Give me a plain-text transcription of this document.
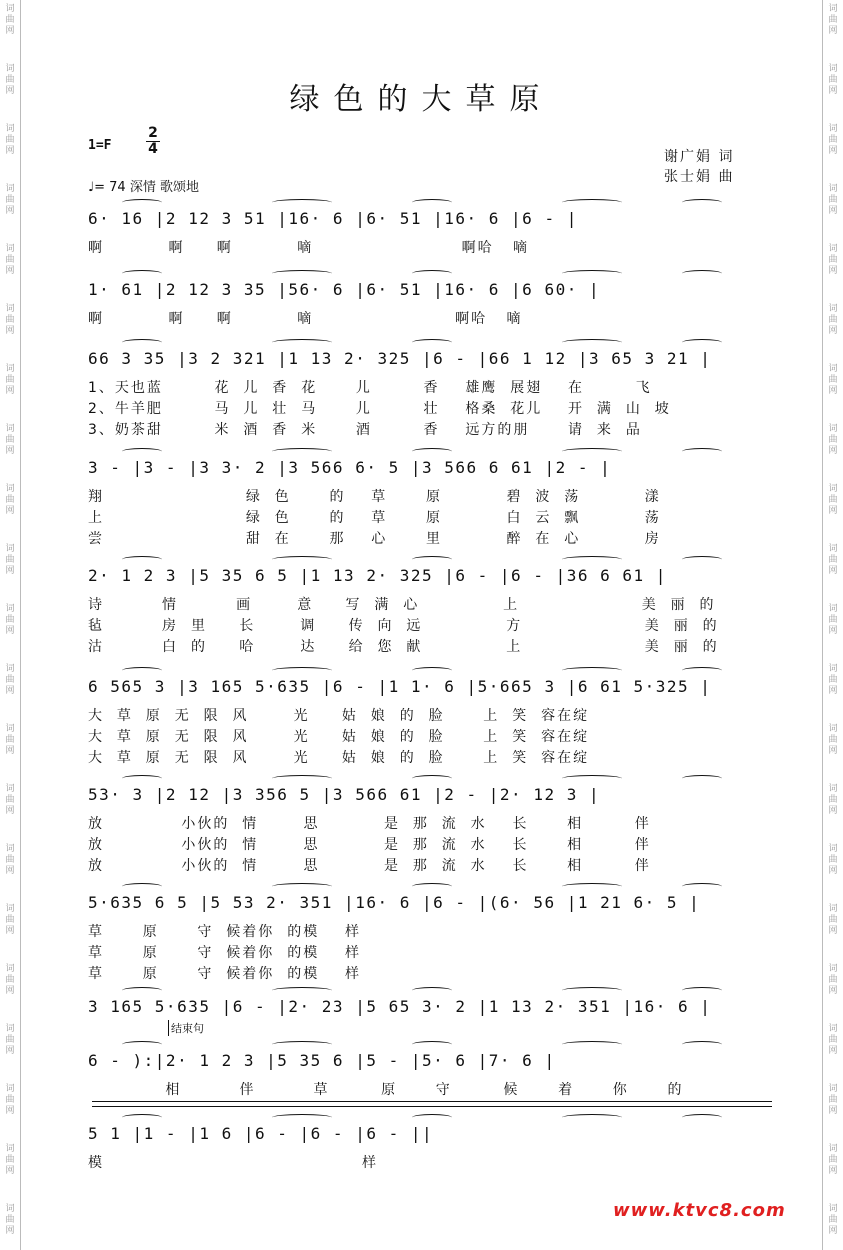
词
曲
网
词
曲
网
词
曲
网
词
曲
网
词
曲
网
词
曲
网
词
曲
网
词
曲
网
词
曲
网
词
曲
网
词
曲
网
词
曲
网
词
曲
网
词
曲
网
词
曲
网
词
曲
网
词
曲
网
词
曲
网
词
曲
网
词
曲
网
词
曲
网
词
曲
网
词
曲
网
词
曲
网
词
曲
网
词
曲
网
词
曲
网
词
曲
网
词
曲
网
词
曲
网
词
曲
网
词
曲
网
词
曲
网
词
曲
网
词
曲
网
词
曲
网
词
曲
网
词
曲
网
词
曲
网
词
曲
网
词
曲
网
词
曲
网
绿色的大草原
1=F
2
4
♩= 74 深情 歌颂地
谢广娟 词
张士娟 曲
6· 16 |2 12 3 51 |16· 6 |6· 51 |16· 6 |6 - |
啊          啊     啊          嘀                       啊哈   嘀
1· 61 |2 12 3 35 |56· 6 |6· 51 |16· 6 |6 60· |
啊          啊     啊          嘀                      啊哈   嘀
66 3 35 |3 2 321 |1 13 2· 325 |6 - |66 1 12 |3 65 3 21 |
1、天也蓝        花  儿  香  花      儿        香    雄鹰  展翅    在        飞
2、牛羊肥        马  儿  壮  马      儿        壮    格桑  花儿    开  满  山  坡
3、奶茶甜        米  酒  香  米      酒        香    远方的朋      请  来  品
3 - |3 - |3 3· 2 |3 566 6· 5 |3 566 6 61 |2 - |
翔                      绿  色      的    草      原          碧  波  荡          漾
上                      绿  色      的    草      原          白  云  飘          荡
尝                      甜  在      那    心      里          醉  在  心          房
2· 1 2 3 |5 35 6 5 |1 13 2· 325 |6 - |6 - |36 6 61 |
诗         情         画       意     写  满  心             上                   美  丽  的
毡         房  里     长       调     传  向  远             方                   美  丽  的
沽         白  的     哈       达     给  您  献             上                   美  丽  的
6 565 3 |3 165 5·635 |6 - |1 1· 6 |5·665 3 |6 61 5·325 |
大  草  原  无  限  风       光     姑  娘  的  脸      上  笑  容在绽
大  草  原  无  限  风       光     姑  娘  的  脸      上  笑  容在绽
大  草  原  无  限  风       光     姑  娘  的  脸      上  笑  容在绽
53· 3 |2 12 |3 356 5 |3 566 61 |2 - |2· 12 3 |
放            小伙的  情       思          是  那  流  水    长      相        伴
放            小伙的  情       思          是  那  流  水    长      相        伴
放            小伙的  情       思          是  那  流  水    长      相        伴
5·635 6 5 |5 53 2· 351 |16· 6 |6 - |(6· 56 |1 21 6· 5 |
草      原      守  候着你  的模    样
草      原      守  候着你  的模    样
草      原      守  候着你  的模    样
3 165 5·635 |6 - |2· 23 |5 65 3· 2 |1 13 2· 351 |16· 6 |
6 - ):|2· 1 2 3 |5 35 6 |5 - |5· 6 |7· 6 |
相         伴         草        原      守        候      着      你      的
5 1 |1 - |1 6 |6 - |6 - |6 - ||
模                                        样
结束句
www.ktvc8.com
